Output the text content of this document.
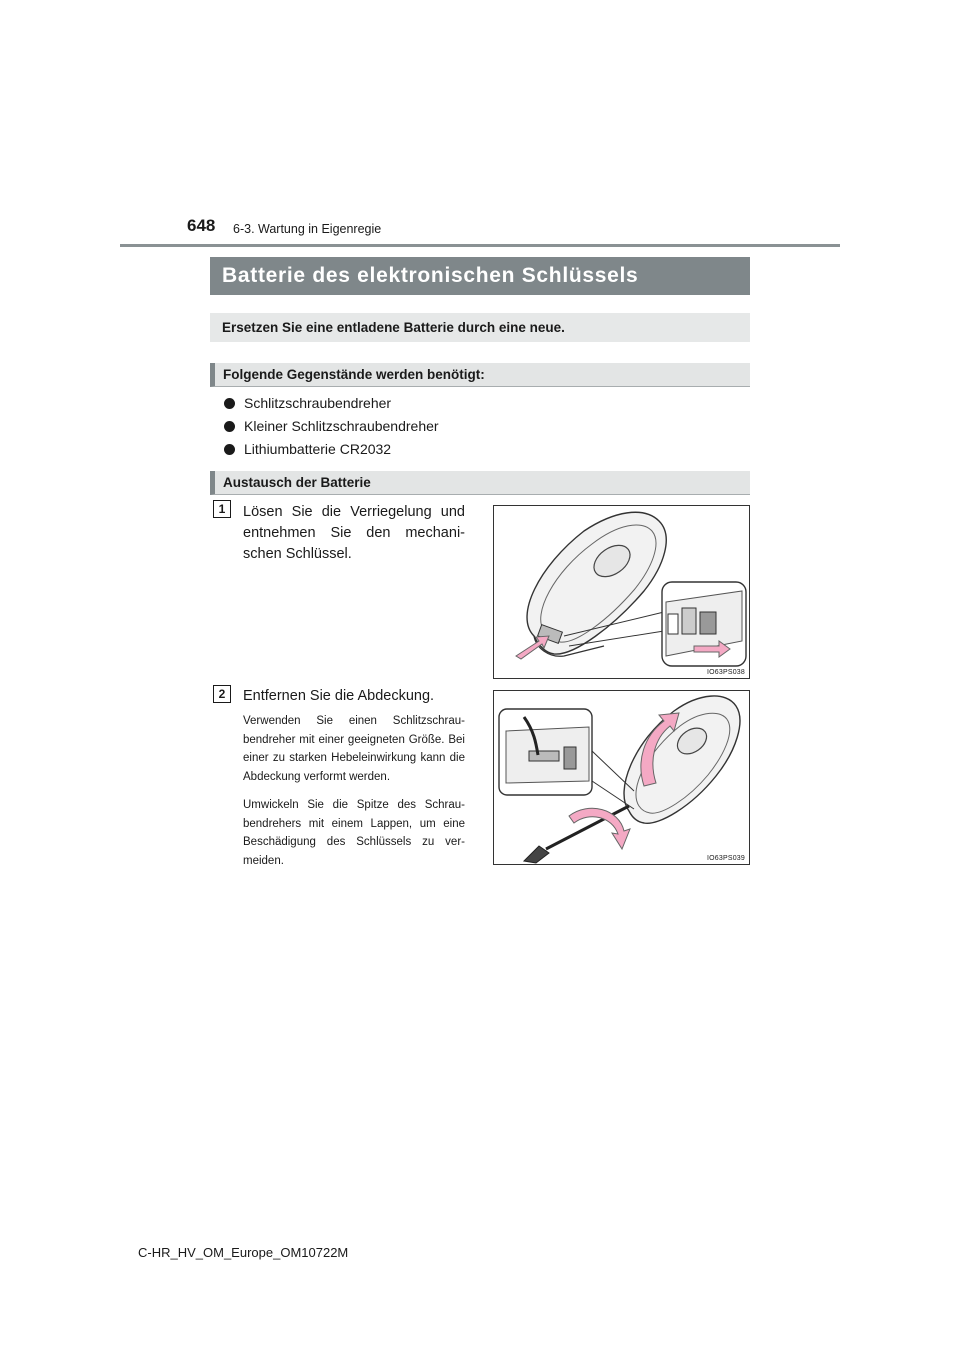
648 6-3. Wartung in Eigenregie
Batterie des elektronischen Schlüssels
Ersetzen Sie eine entladene Batterie durch eine neue.
Folgende Gegenstände werden benötigt:
Schlitzschraubendreher
Kleiner Schlitzschraubendreher
Lithiumbatterie CR2032
Austausch der Batterie
1	Lösen Sie die Verriegelung und entnehmen Sie den mechani-schen Schlüssel.
IO63PS038
2	Entfernen Sie die Abdeckung.
Verwenden Sie einen Schlitzschrau-bendreher mit einer geeigneten Größe. Bei einer zu starken Hebeleinwirkung kann die Abdeckung verformt werden.
Umwickeln Sie die Spitze des Schrau-bendrehers mit einem Lappen, um eine Beschädigung des Schlüssels zu ver-meiden.	IO63PS039
C-HR_HV_OM_Europe_OM10722M
